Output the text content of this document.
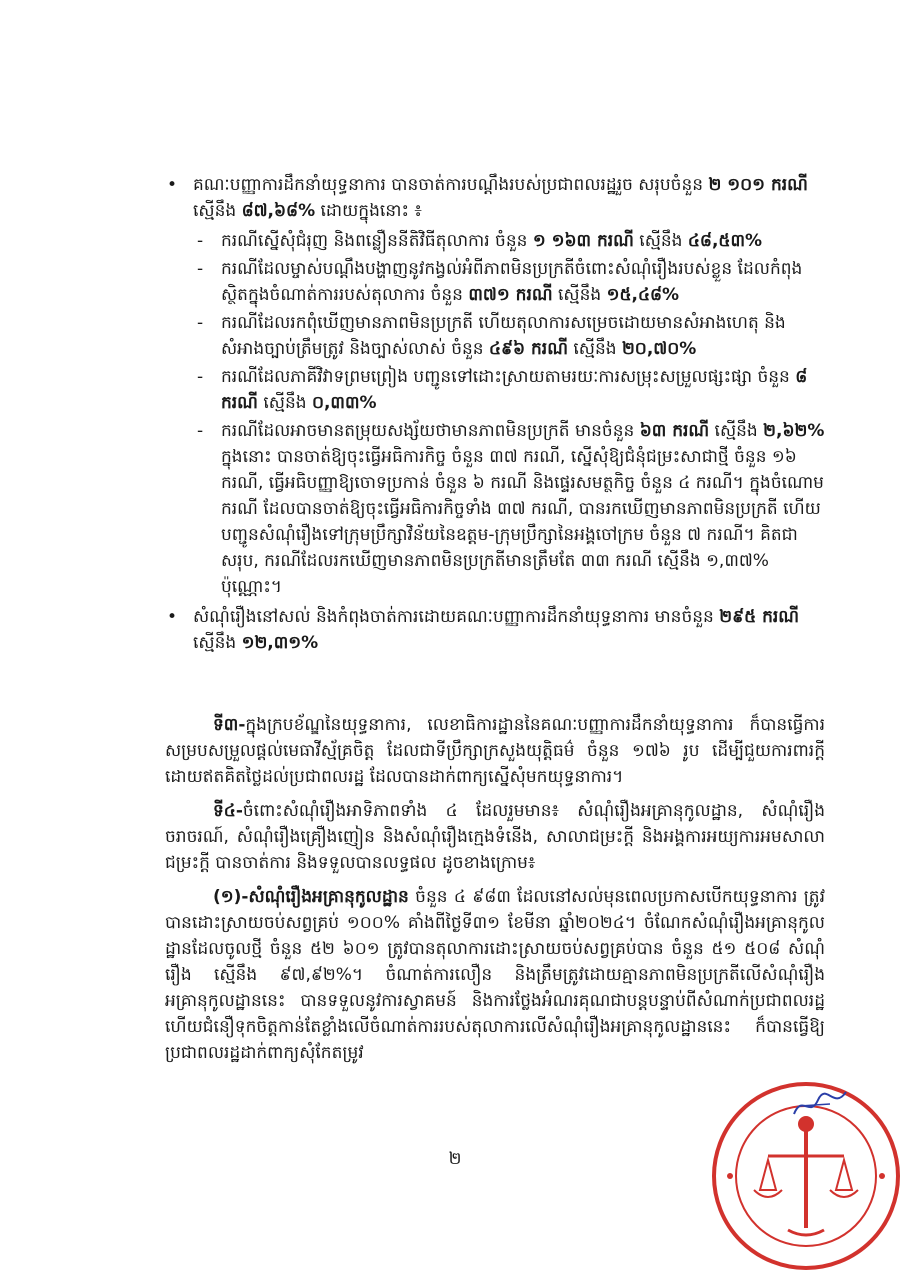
• គណៈបញ្ញាការដឹកនាំយុទ្ធនាការ បានចាត់ការបណ្តឹងរបស់ប្រជាពលរដ្ឋរួច សរុបចំនួន ២ ១០១ ករណី ស្មើនឹង ៨៧,៦៨% ដោយក្នុងនោះ ៖
- ករណីស្នើសុំជំរុញ និងពន្លឿននីតិវិធីតុលាការ ចំនួន ១ ១៦៣ ករណី ស្មើនឹង ៤៨,៥៣%
- ករណីដែលម្ចាស់បណ្តឹងបង្ហាញនូវកង្វល់អំពីភាពមិនប្រក្រតីចំពោះសំណុំរឿងរបស់ខ្លួន ដែលកំពុងស្ថិតក្នុងចំណាត់ការរបស់តុលាការ ចំនួន ៣៧១ ករណី ស្មើនឹង ១៥,៤៨%
- ករណីដែលរកពុំឃើញមានភាពមិនប្រក្រតី ហើយតុលាការសម្រេចដោយមានសំអាងហេតុ និងសំអាងច្បាប់ត្រឹមត្រូវ និងច្បាស់លាស់ ចំនួន ៤៩៦ ករណី ស្មើនឹង ២០,៧០%
- ករណីដែលភាគីវិវាទព្រមព្រៀង បញ្ជូនទៅដោះស្រាយតាមរយៈការសម្រុះសម្រួលផ្សះផ្សា ចំនួន ៨ ករណី ស្មើនឹង ០,៣៣%
- ករណីដែលអាចមានតម្រុយសង្ស័យថាមានភាពមិនប្រក្រតី មានចំនួន ៦៣ ករណី ស្មើនឹង ២,៦២% ក្នុងនោះ បានចាត់ឱ្យចុះធ្វើអធិការកិច្ច ចំនួន ៣៧ ករណី, ស្នើសុំឱ្យជំនុំជម្រះសាជាថ្មី ចំនួន ១៦ ករណី, ធ្វើអធិបញ្ញាឱ្យចោទប្រកាន់ ចំនួន ៦ ករណី និងផ្ទេរសមត្ថកិច្ច ចំនួន ៤ ករណី។ ក្នុងចំណោមករណី ដែលបានចាត់ឱ្យចុះធ្វើអធិការកិច្ចទាំង ៣៧ ករណី, បានរកឃើញមានភាពមិនប្រក្រតី ហើយបញ្ជូនសំណុំរឿងទៅក្រុមប្រឹក្សាវិន័យនៃឧត្តម-ក្រុមប្រឹក្សានៃអង្គចៅក្រម ចំនួន ៧ ករណី។ គិតជាសរុប, ករណីដែលរកឃើញមានភាពមិនប្រក្រតីមានត្រឹមតែ ៣៣ ករណី ស្មើនឹង ១,៣៧% ប៉ុណ្ណោះ។
• សំណុំរឿងនៅសល់ និងកំពុងចាត់ការដោយគណៈបញ្ញាការដឹកនាំយុទ្ធនាការ មានចំនួន ២៩៥ ករណី ស្មើនឹង ១២,៣១%

ទី៣-ក្នុងក្របខ័ណ្ឌនៃយុទ្ធនាការ, លេខាធិការដ្ឋាននៃគណៈបញ្ញាការដឹកនាំយុទ្ធនាការ ក៏បានធ្វើការសម្របសម្រួលផ្តល់មេធាវីស្ម័គ្រចិត្ត ដែលជាទីប្រឹក្សាក្រសួងយុត្តិធម៌ ចំនួន ១៧៦ រូប ដើម្បីជួយការពារក្តីដោយឥតគិតថ្លៃដល់ប្រជាពលរដ្ឋ ដែលបានដាក់ពាក្យស្នើសុំមកយុទ្ធនាការ។

ទី៤-ចំពោះសំណុំរឿងអាទិភាពទាំង ៤ ដែលរួមមាន៖ សំណុំរឿងអគ្រានុកូលដ្ឋាន, សំណុំរឿងចរាចរណ៍, សំណុំរឿងគ្រឿងញៀន និងសំណុំរឿងក្មេងទំនើង, សាលាជម្រះក្តី និងអង្គការអយ្យការអមសាលាជម្រះក្តី បានចាត់ការ និងទទួលបានលទ្ធផល ដូចខាងក្រោម៖

(១)-សំណុំរឿងអគ្រានុកូលដ្ឋាន ចំនួន ៤ ៩៨៣ ដែលនៅសល់មុនពេលប្រកាសបើកយុទ្ធនាការ ត្រូវបានដោះស្រាយចប់សព្វគ្រប់ ១០០% គាំងពីថ្ងៃទី៣១ ខែមីនា ឆ្នាំ២០២៤។ ចំណែកសំណុំរឿងអគ្រានុកូលដ្ឋានដែលចូលថ្មី ចំនួន ៥២ ៦០១ ត្រូវបានតុលាការដោះស្រាយចប់សព្វគ្រប់បាន ចំនួន ៥១ ៥០៨ សំណុំរឿង ស្មើនឹង ៩៧,៩២%។ ចំណាត់ការលឿន និងត្រឹមត្រូវដោយគ្មានភាពមិនប្រក្រតីលើសំណុំរឿងអគ្រានុកូលដ្ឋាននេះ បានទទួលនូវការស្វាគមន៍ និងការថ្លែងអំណរគុណជាបន្តបន្ទាប់ពីសំណាក់ប្រជាពលរដ្ឋ ហើយជំនឿទុកចិត្តកាន់តែខ្លាំងលើចំណាត់ការរបស់តុលាការលើសំណុំរឿងអគ្រានុកូលដ្ឋាននេះ ក៏បានធ្វើឱ្យប្រជាពលរដ្ឋដាក់ពាក្យសុំកែតម្រូវ

២
